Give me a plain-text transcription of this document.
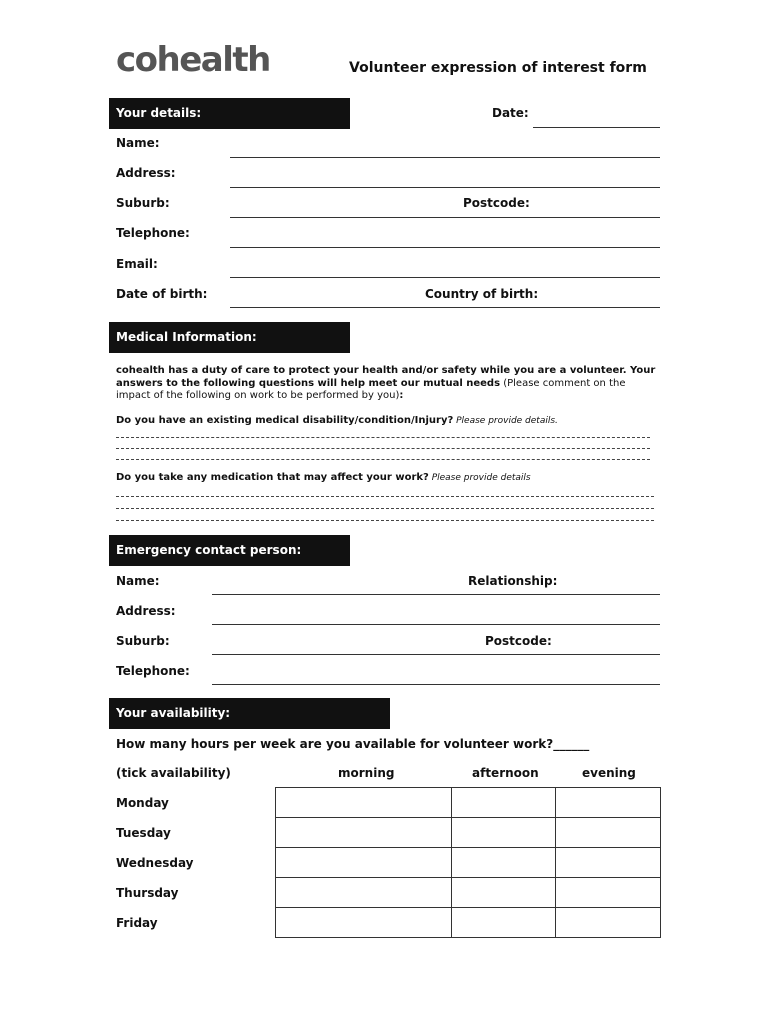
cohealth	Volunteer expression of interest form
Your details:	Date:
Name:
Address:
Suburb:	Postcode:
Telephone:
Email:
Date of birth:	Country of birth:
Medical Information:
cohealth has a duty of care to protect your health and/or safety while you are a volunteer. Your answers to the following questions will help meet our mutual needs (Please comment on the impact of the following on work to be performed by you):
Do you have an existing medical disability/condition/Injury? Please provide details.
Do you take any medication that may affect your work? Please provide details
Emergency contact person:
Name:	Relationship:
Address:
Suburb:	Postcode:
Telephone:
Your availability:
How many hours per week are you available for volunteer work?______
(tick availability)	morning	afternoon	evening
Monday
Tuesday
Wednesday
Thursday
Friday
